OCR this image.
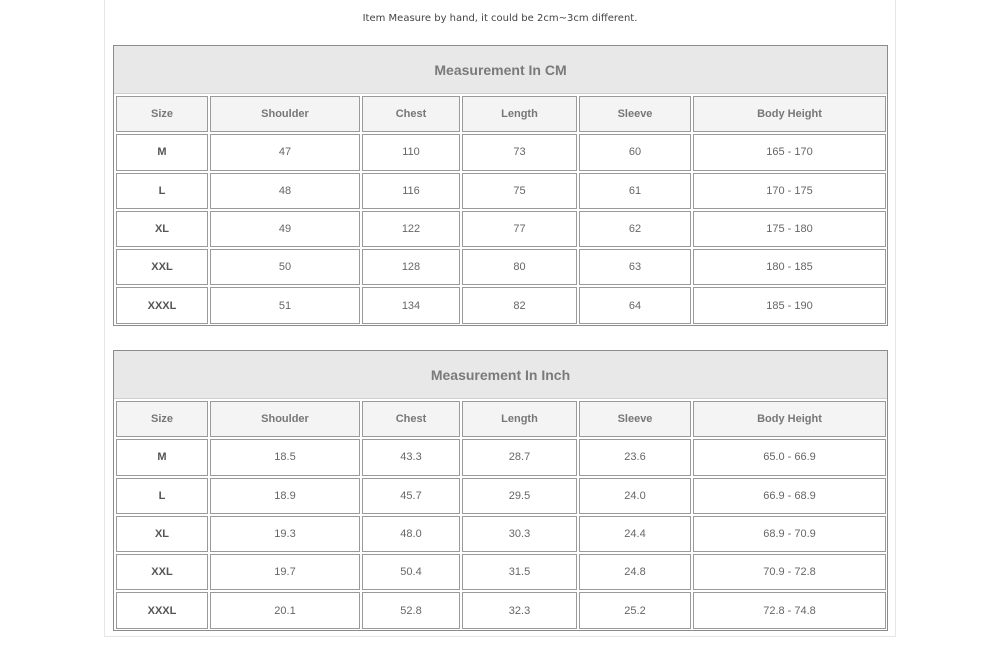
Item Measure by hand, it could be 2cm~3cm different.
Measurement In CM
Size	Shoulder	Chest	Length	Sleeve	Body Height
M	47	110	73	60	165 - 170
L	48	116	75	61	170 - 175
XL	49	122	77	62	175 - 180
XXL	50	128	80	63	180 - 185
XXXL	51	134	82	64	185 - 190
Measurement In Inch
Size	Shoulder	Chest	Length	Sleeve	Body Height
M	18.5	43.3	28.7	23.6	65.0 - 66.9
L	18.9	45.7	29.5	24.0	66.9 - 68.9
XL	19.3	48.0	30.3	24.4	68.9 - 70.9
XXL	19.7	50.4	31.5	24.8	70.9 - 72.8
XXXL	20.1	52.8	32.3	25.2	72.8 - 74.8
